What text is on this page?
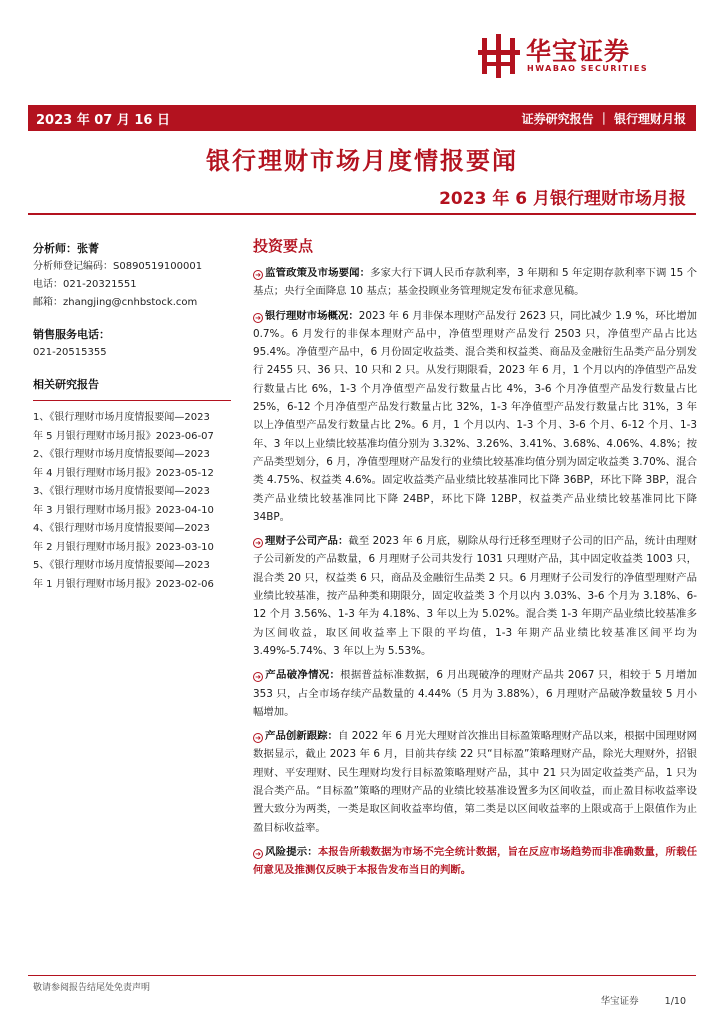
华宝证券
HWABAO SECURITIES
2023 年 07 月 16 日	证券研究报告 ｜ 银行理财月报
银行理财市场月度情报要闻
2023 年 6 月银行理财市场月报
分析师：张菁
分析师登记编码：S0890519100001
电话：021-20321551
邮箱：zhangjing@cnhbstock.com
销售服务电话：
021-20515355
相关研究报告
1、《银行理财市场月度情报要闻—2023
年 5 月银行理财市场月报》2023-06-07
2、《银行理财市场月度情报要闻—2023
年 4 月银行理财市场月报》2023-05-12
3、《银行理财市场月度情报要闻—2023
年 3 月银行理财市场月报》2023-04-10
4、《银行理财市场月度情报要闻—2023
年 2 月银行理财市场月报》2023-03-10
5、《银行理财市场月度情报要闻—2023
年 1 月银行理财市场月报》2023-02-06
投资要点
➜ 监管政策及市场要闻：多家大行下调人民币存款利率，3 年期和 5 年定期存款利率下调 15 个基点；央行全面降息 10 基点；基金投顾业务管理规定发布征求意见稿。
➜ 银行理财市场概况：2023 年 6 月非保本理财产品发行 2623 只，同比减少 1.9 %，环比增加 0.7%。6 月发行的非保本理财产品中，净值型理财产品发行 2503 只，净值型产品占比达 95.4%。净值型产品中，6 月份固定收益类、混合类和权益类、商品及金融衍生品类产品分别发行 2455 只、36 只、10 只和 2 只。从发行期限看，2023 年 6 月，1 个月以内的净值型产品发行数量占比 6%，1-3 个月净值型产品发行数量占比 4%，3-6 个月净值型产品发行数量占比 25%，6-12 个月净值型产品发行数量占比 32%，1-3 年净值型产品发行数量占比 31%，3 年以上净值型产品发行数量占比 2%。6 月，1 个月以内、1-3 个月、3-6 个月、6-12 个月、1-3 年、3 年以上业绩比较基准均值分别为 3.32%、3.26%、3.41%、3.68%、4.06%、4.8%；按产品类型划分，6 月，净值型理财产品发行的业绩比较基准均值分别为固定收益类 3.70%、混合类 4.75%、权益类 4.6%。固定收益类产品业绩比较基准同比下降 36BP，环比下降 3BP，混合类产品业绩比较基准同比下降 24BP，环比下降 12BP，权益类产品业绩比较基准同比下降 34BP。
➜ 理财子公司产品：截至 2023 年 6 月底，剔除从母行迁移至理财子公司的旧产品，统计由理财子公司新发的产品数量，6 月理财子公司共发行 1031 只理财产品，其中固定收益类 1003 只，混合类 20 只，权益类 6 只，商品及金融衍生品类 2 只。6 月理财子公司发行的净值型理财产品业绩比较基准，按产品种类和期限分，固定收益类 3 个月以内 3.03%、3-6 个月为 3.18%、6-12 个月 3.56%、1-3 年为 4.18%、3 年以上为 5.02%。混合类 1-3 年期产品业绩比较基准多为区间收益，取区间收益率上下限的平均值，1-3 年期产品业绩比较基准区间平均为 3.49%-5.74%、3 年以上为 5.53%。
➜ 产品破净情况：根据普益标准数据，6 月出现破净的理财产品共 2067 只，相较于 5 月增加 353 只，占全市场存续产品数量的 4.44%（5 月为 3.88%），6 月理财产品破净数量较 5 月小幅增加。
➜ 产品创新跟踪：自 2022 年 6 月光大理财首次推出目标盈策略理财产品以来，根据中国理财网数据显示，截止 2023 年 6 月，目前共存续 22 只“目标盈”策略理财产品，除光大理财外，招银理财、平安理财、民生理财均发行目标盈策略理财产品，其中 21 只为固定收益类产品，1 只为混合类产品。“目标盈”策略的理财产品的业绩比较基准设置多为区间收益，而止盈目标收益率设置大致分为两类，一类是取区间收益率均值，第二类是以区间收益率的上限或高于上限值作为止盈目标收益率。
➜ 风险提示：本报告所载数据为市场不完全统计数据，旨在反应市场趋势而非准确数量，所载任何意见及推测仅反映于本报告发布当日的判断。
敬请参阅报告结尾处免责声明
华宝证券	1/10
